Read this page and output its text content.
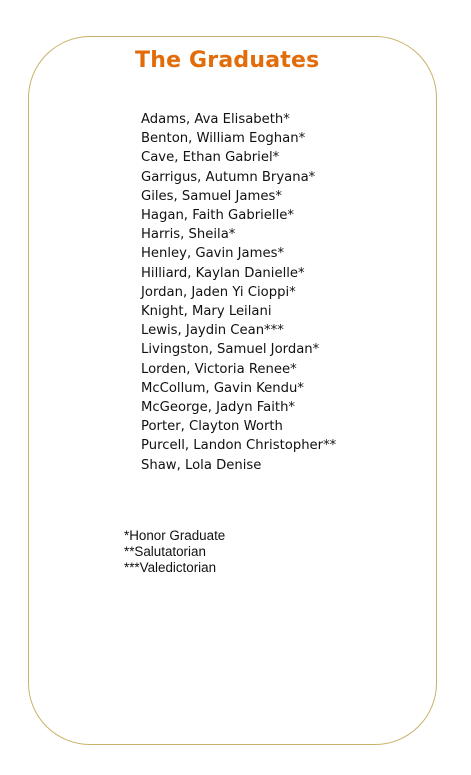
The Graduates
Adams, Ava Elisabeth*
Benton, William Eoghan*
Cave, Ethan Gabriel*
Garrigus, Autumn Bryana*
Giles, Samuel James*
Hagan, Faith Gabrielle*
Harris, Sheila*
Henley, Gavin James*
Hilliard, Kaylan Danielle*
Jordan, Jaden Yi Cioppi*
Knight, Mary Leilani
Lewis, Jaydin Cean***
Livingston, Samuel Jordan*
Lorden, Victoria Renee*
McCollum, Gavin Kendu*
McGeorge, Jadyn Faith*
Porter, Clayton Worth
Purcell, Landon Christopher**
Shaw, Lola Denise
*Honor Graduate
**Salutatorian
***Valedictorian
